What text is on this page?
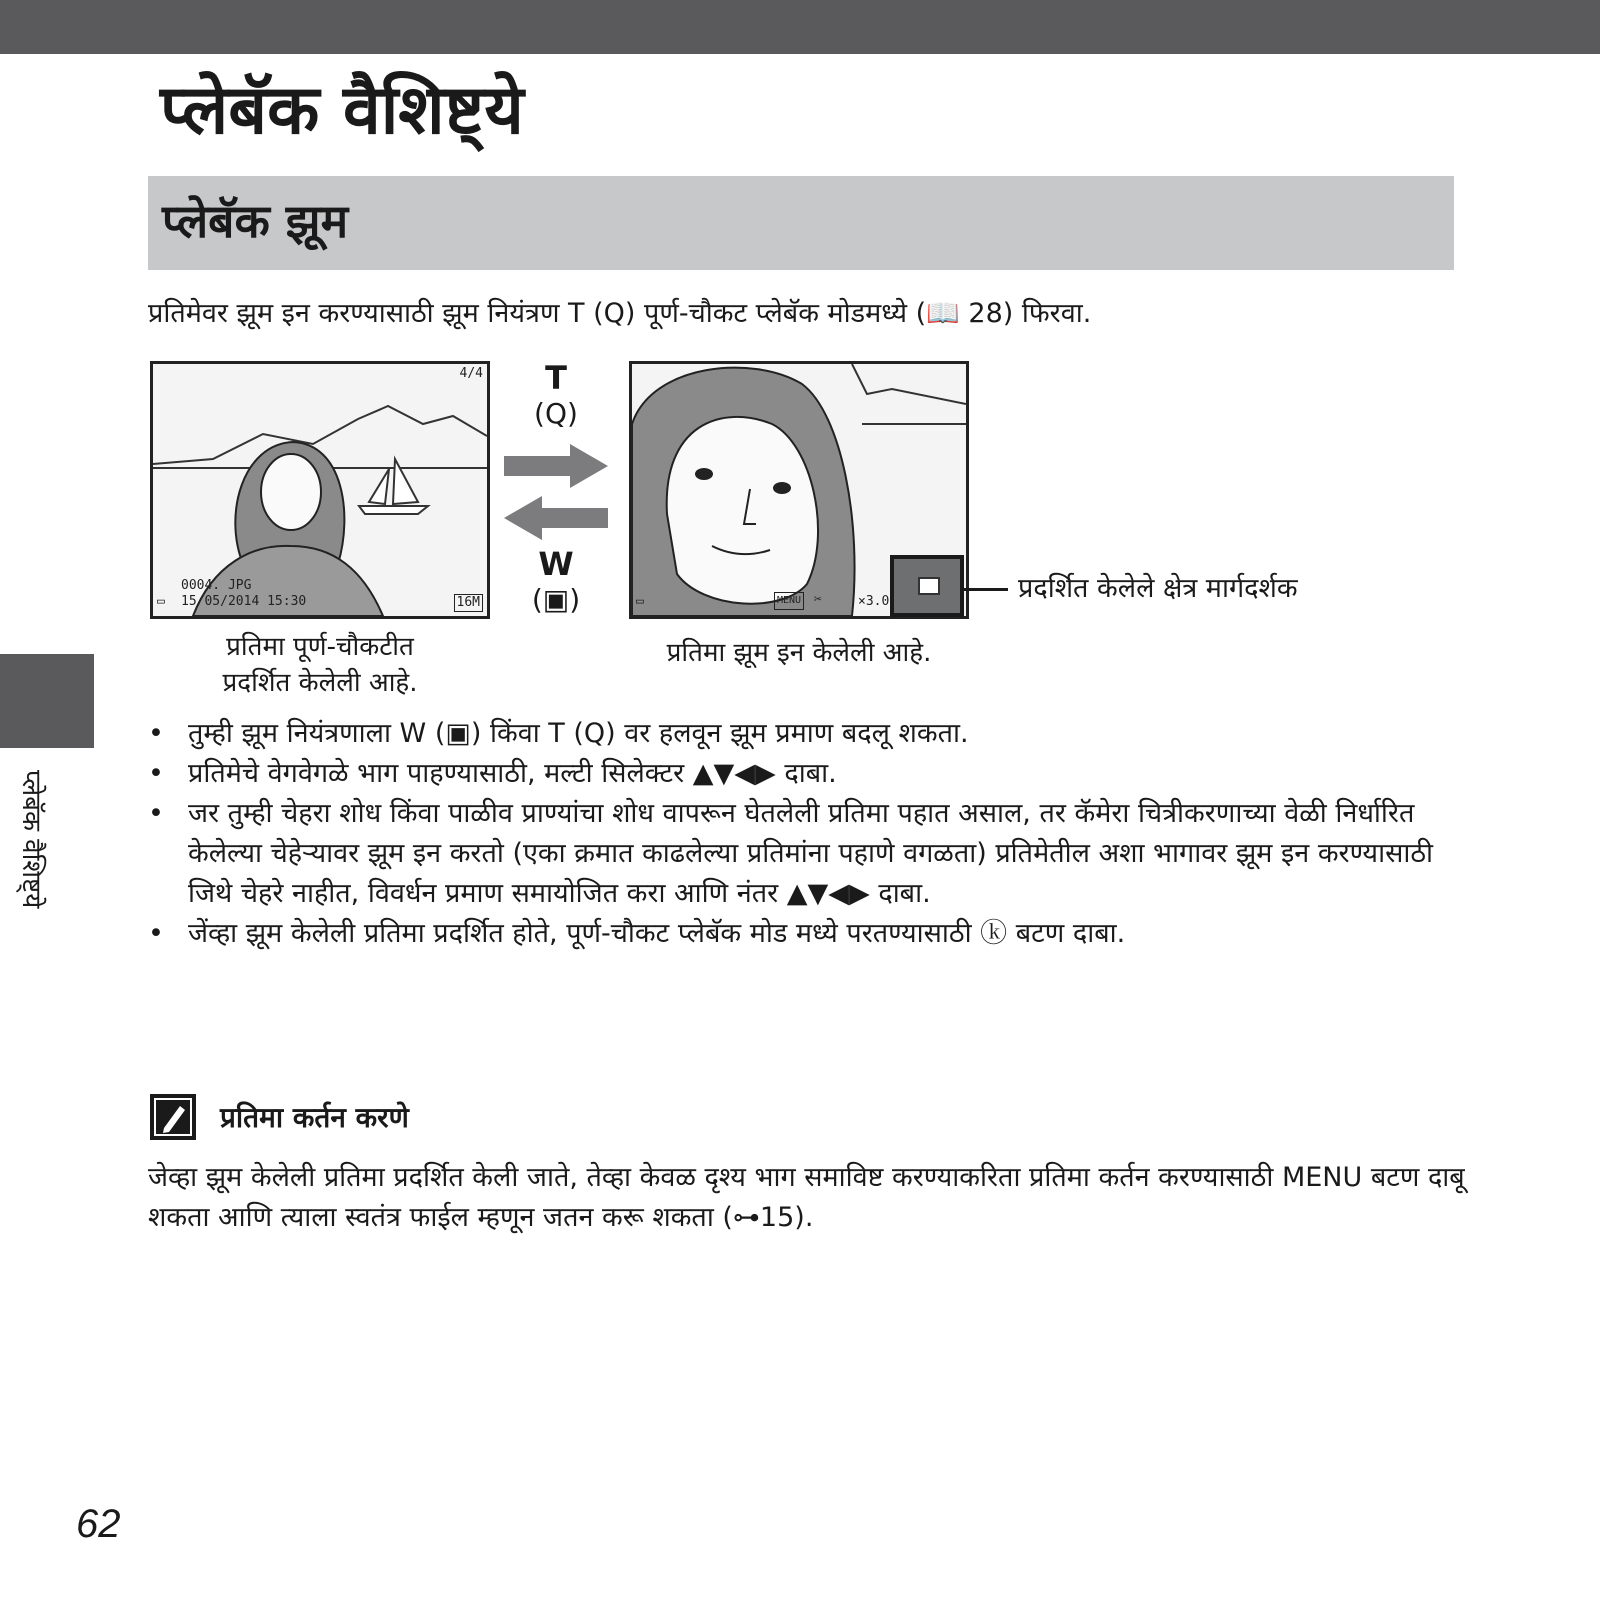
प्लेबॅक वैशिष्ट्ये
प्लेबॅक झूम
प्रतिमेवर झूम इन करण्यासाठी झूम नियंत्रण T (Q) पूर्ण-चौकट प्लेबॅक मोडमध्ये (📖 28) फिरवा.
4/4
0004. JPG
▭ 15/05/2014 15:30	16M
T
(Q)
W
(▣)	▭	MENU ✂	×3.0	प्रदर्शित केलेले क्षेत्र मार्गदर्शक
प्रतिमा पूर्ण-चौकटीत
प्रदर्शित केलेली आहे.
प्रतिमा झूम इन केलेली आहे.
प्लेबॅक वैशिष्ट्ये
• तुम्ही झूम नियंत्रणाला W (▣) किंवा T (Q) वर हलवून झूम प्रमाण बदलू शकता.
• प्रतिमेचे वेगवेगळे भाग पाहण्यासाठी, मल्टी सिलेक्टर ▲▼◀▶ दाबा.
• जर तुम्ही चेहरा शोध किंवा पाळीव प्राण्यांचा शोध वापरून घेतलेली प्रतिमा पहात असाल, तर कॅमेरा चित्रीकरणाच्या वेळी निर्धारित केलेल्या चेहेऱ्यावर झूम इन करतो (एका क्रमात काढलेल्या प्रतिमांना पहाणे वगळता) प्रतिमेतील अशा भागावर झूम इन करण्यासाठी जिथे चेहरे नाहीत, विवर्धन प्रमाण समायोजित करा आणि नंतर ▲▼◀▶ दाबा.
• जेंव्हा झूम केलेली प्रतिमा प्रदर्शित होते, पूर्ण-चौकट प्लेबॅक मोड मध्ये परतण्यासाठी ⓚ बटण दाबा.
प्रतिमा कर्तन करणे
जेव्हा झूम केलेली प्रतिमा प्रदर्शित केली जाते, तेव्हा केवळ दृश्य भाग समाविष्ट करण्याकरिता प्रतिमा कर्तन करण्यासाठी MENU बटण दाबू शकता आणि त्याला स्वतंत्र फाईल म्हणून जतन करू शकता (⊶15).
62
